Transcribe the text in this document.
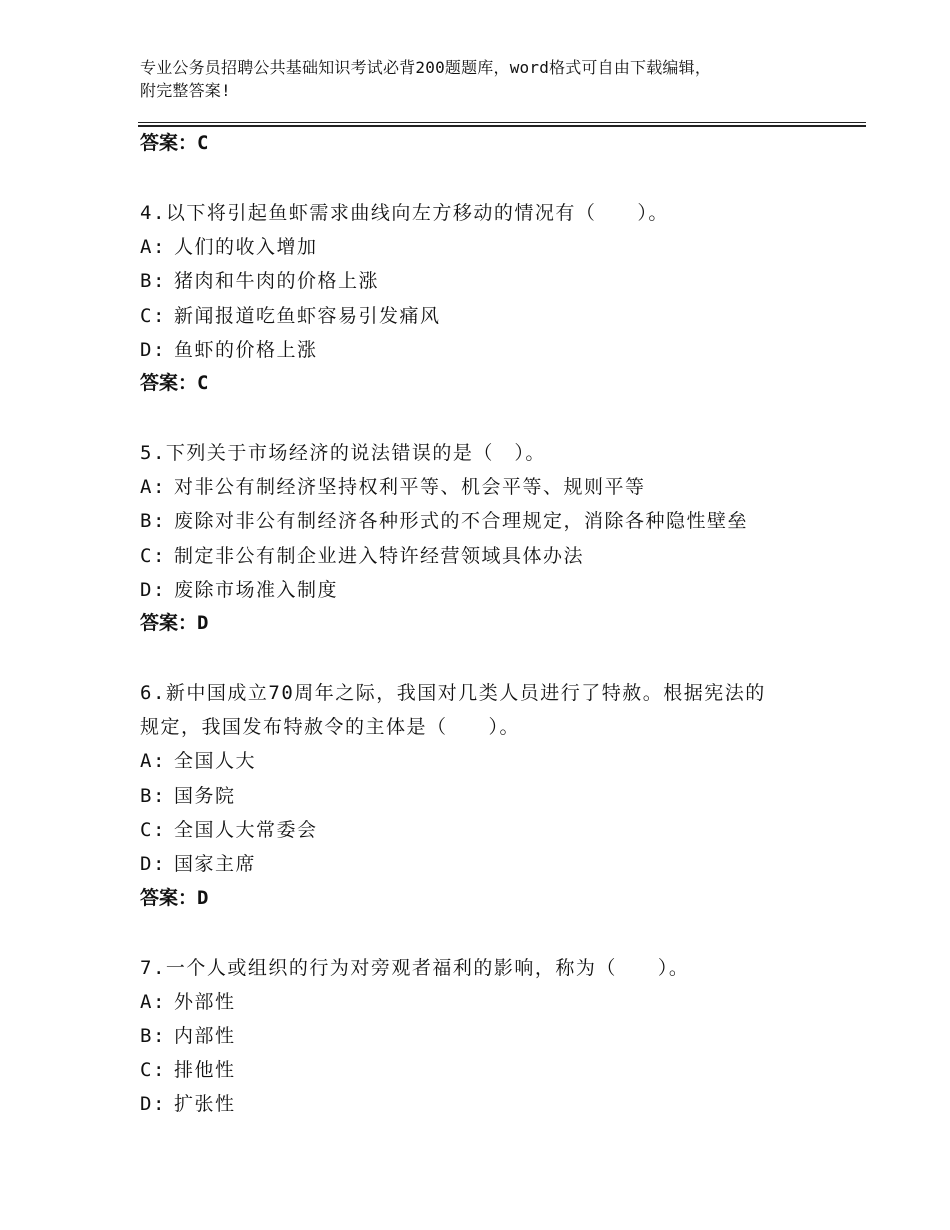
专业公务员招聘公共基础知识考试必背200题题库，word格式可自由下载编辑，
附完整答案!
答案：C
4.以下将引起鱼虾需求曲线向左方移动的情况有（　　）。
A: 人们的收入增加
B: 猪肉和牛肉的价格上涨
C: 新闻报道吃鱼虾容易引发痛风
D: 鱼虾的价格上涨
答案：C
5.下列关于市场经济的说法错误的是（　）。
A: 对非公有制经济坚持权利平等、机会平等、规则平等
B: 废除对非公有制经济各种形式的不合理规定，消除各种隐性壁垒
C: 制定非公有制企业进入特许经营领域具体办法
D: 废除市场准入制度
答案：D
6.新中国成立70周年之际，我国对几类人员进行了特赦。根据宪法的
规定，我国发布特赦令的主体是（　　）。
A: 全国人大
B: 国务院
C: 全国人大常委会
D: 国家主席
答案：D
7.一个人或组织的行为对旁观者福利的影响，称为（　　）。
A: 外部性
B: 内部性
C: 排他性
D: 扩张性
